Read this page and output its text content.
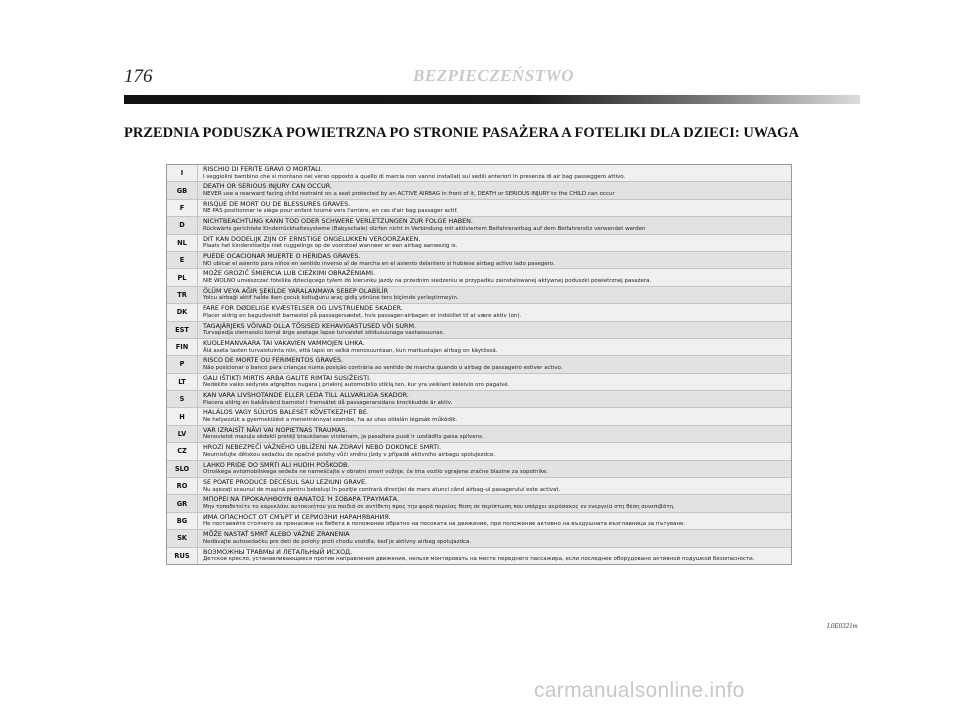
176	BEZPIECZEŃSTWO
PRZEDNIA PODUSZKA POWIETRZNA PO STRONIE PASAŻERA A FOTELIKI DLA DZIECI: UWAGA
I
RISCHIO DI FERITE GRAVI O MORTALI.
I seggiolini bambino che si montano nel verso opposto a quello di marcia non vanno installati sui sedili anteriori in presenza di air bag passeggero attivo.
GB
DEATH OR SERIOUS INJURY CAN OCCUR.
NEVER use a rearward facing child restraint on a seat protected by an ACTIVE AIRBAG in front of it, DEATH or SERIOUS INJURY to the CHILD can occur
F
RISQUE DE MORT OU DE BLESSURES GRAVES.
NE PAS positionner le siège pour enfant tourné vers l'arrière, en cas d'air bag passager actif.
D
NICHTBEACHTUNG KANN TOD ODER SCHWERE VERLETZUNGEN ZUR FOLGE HABEN.
Rückwärts gerichtete Kinderrückhaltesysteme (Babyschale) dürfen nicht in Verbindung mit aktiviertem Beifahrerairbag auf dem Beifahrersitz verwendet werden
NL
DIT KAN DODELIJK ZIJN OF ERNSTIGE ONGELUKKEN VEROORZAKEN.
Plaats het kinderstoeltje niet ruggelings op de voorstoel wanneer er een airbag aanwezig is.
E
PUEDE OCACIONAR MUERTE O HERIDAS GRAVES.
NO ubicar el asiento para niños en sentido inverso al de marcha en el asiento delantero si hubiese airbag activo lado pasegero.
PL
MOŻE GROZIĆ ŚMIERCIA LUB CIEŻKIMI OBRAŻENIAMI.
NIE WOLNO umieszczać fotelika dziecięcego tyłem do kierunku jazdy na przednim siedzeniu w przypadku zainstalowanej aktywnej poduszki powietrznej pasażera.
TR
ÖLÜM VEYA AĞIR ŞEKİLDE YARALANMAYA SEBEP OLABİLİR
Yolcu airbaği aktif halde iken çocuk koltuğunu araç gidiş yönüne ters biçimde yerleştirmeyin.
DK
FARE FOR DØDELIGE KVÆSTELSER OG LIVSTRUENDE SKADER.
Placer aldrig en bagudvendt barnestol på passagersædet, hvis passager-airbagen er indstillet til at være aktiv (on).
EST
TAGAJÄRJEKS VÕIVAD OLLA TÕSISED KEHAVIGASTUSED VÕI SURM.
Turvapadja olemasolu korral ärge asetage lapse turvaistet sõidusuunaga vastassuunas.
FIN
KUOLEMANVAARA TAI VAKAVIEN VAMMOJEN UHKA.
Älä aseta lasten turvaistuinta niin, että lapsi on selkä menosuuntaan, kun matkustajan airbag on käytössä.
P
RISCO DE MORTE OU FERIMENTOS GRAVES.
Não posicionar o banco para crianças numa posição contrária ao sentido de marcha quando o airbag de passageiro estiver activo.
LT
GALI IŠTIKTI MIRTIS ARBA GALITE RIMTAI SUSIŽEISTI.
Nedėkite vaiko sėdynės atgręžtos nugara į priekinį automobilio stiklą ten, kur yra veikiant keleivio oro pagalvė.
S
KAN VARA LIVSHOTANDE ELLER LEDA TILL ALLVARLIGA SKADOR.
Placera aldrig en bakåtvänd barnstol i framsätet då passagerarsidans krockkudde är aktiv.
H
HALÁLOS VAGY SÚLYOS BALESET KÖVETKEZHET BE.
Ne helyezzük a gyermekülést a menetiránnyal szembe, ha az utas oldalán légzsák működik.
LV
VAR IZRAISĪT NĀVI VAI NOPIETNAS TRAUMAS.
Nenovietot mazuļa sēdekli pretēji braukšanas virzienam, ja pasažiera pusē ir uzstādīts gaisa spilvens.
CZ
HROZÍ NEBEZPEČÍ VÁŽNÉHO UBLÍŽENÍ NA ZDRAVÍ NEBO DOKONCE SMRTI.
Neumisťujte dětskou sedačku do opačné polohy vůči směru jízdy v případě aktivního airbagu spolujezdce.
SLO
LAHKO PRIDE DO SMRTI ALI HUDIH POŠKODB.
Otroškega avtomobilskega sedeža ne nameščajte v obratni smeri vožnje, če ima vozilo vgrajene zračne blazine za sopotnike.
RO
SE POATE PRODUCE DECESUL SAU LEZIUNI GRAVE.
Nu aşezaţi scaunul de maşină pentru bebeluşi în poziţie contrară direcţiei de mers atunci când airbag-ul pasagerului este activat.
GR
ΜΠΟΡΕΙ ΝΑ ΠΡΟΚΑΛΗΘΟΥΝ ΘΑΝΑΤΟΣ Ή ΣΟΒΑΡΑ ΤΡΑΥΜΑΤΑ.
Μην τοποθετείτε το καρεκλάκι αυτοκινήτου για παιδιά σε αντίθετη προς την φορά πορείας θέση σε περίπτωση που υπάρχει αερόσακος εν ενεργεία στη θέση συνεπιβάτη.
BG
ИМА ОПАСНОСТ ОТ СМЪРТ И СЕРИОЗНИ НАРАНЯВАНИЯ.
Не поставяйте столчето за пренасяне на бебета в положение обратно на посоката на движение, при положение активно на въздушната възглавница за пътуване.
SK
MÔŽE NASTAŤ SMRŤ ALEBO VÁŽNE ZRANENIA
Nedávajte autosedačku pre deti do polohy proti chodu vozidla, keď je aktívny airbag spolujazdca.
RUS
ВОЗМОЖНЫ ТРАВМЫ И ЛЕТАЛЬНЫЙ ИСХОД.
Детское кресло, устанавливающееся против направления движения, нельзя монтировать на месте переднего пассажира, если последнее оборудовано активной подушкой безопасности.
L0E0321m
carmanualsonline.info
